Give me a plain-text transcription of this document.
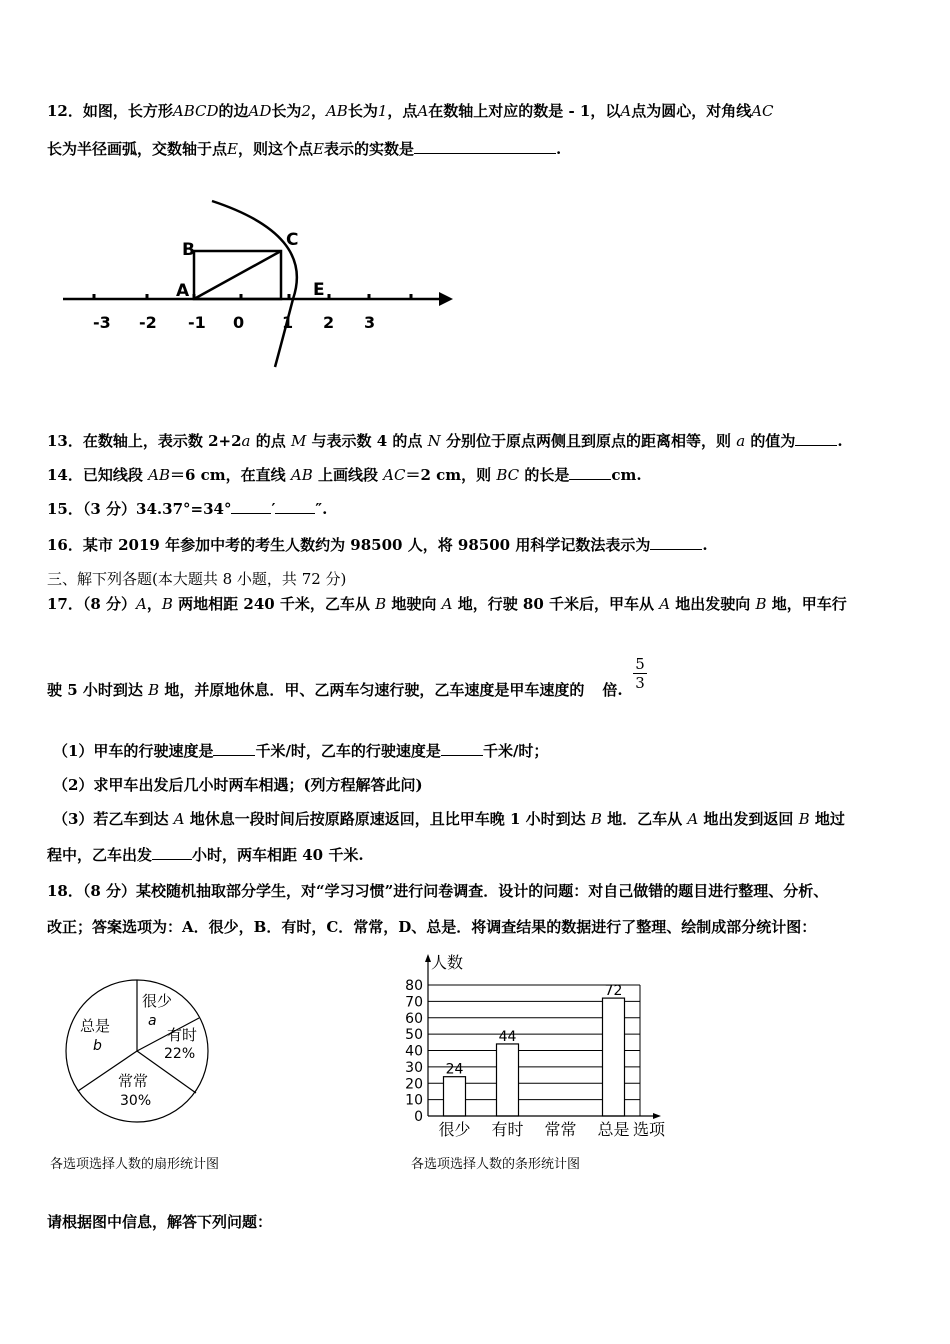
12．如图，长方形ABCD的边AD长为2，AB长为1，点A在数轴上对应的数是 - 1，以A点为圆心，对角线AC
长为半径画弧，交数轴于点E，则这个点E表示的实数是	.
B	C
A	E
-3 -2 -1 0 1 2 3
13．在数轴上，表示数 2+2a 的点 M 与表示数 4 的点 N 分别位于原点两侧且到原点的距离相等，则 a 的值为	.
14．已知线段 AB＝6 cm，在直线 AB 上画线段 AC＝2 cm，则 BC 的长是	cm.
15．（3 分）34.37°=34°	′	″.
16．某市 2019 年参加中考的考生人数约为 98500 人，将 98500 用科学记数法表示为	.
三、解下列各题(本大题共 8 小题，共 72 分)
17．（8 分）A，B 两地相距 240 千米，乙车从 B 地驶向 A 地，行驶 80 千米后，甲车从 A 地出发驶向 B 地，甲车行
$\frac{5}{3}$
驶 5 小时到达 B 地，并原地休息．甲、乙两车匀速行驶，乙车速度是甲车速度的 倍.
（1）甲车的行驶速度是	千米/时，乙车的行驶速度是	千米/时；
（2）求甲车出发后几小时两车相遇；(列方程解答此问)
（3）若乙车到达 A 地休息一段时间后按原路原速返回，且比甲车晚 1 小时到达 B 地．乙车从 A 地出发到返回 B 地过
程中，乙车出发	小时，两车相距 40 千米.
18．（8 分）某校随机抽取部分学生，对“学习习惯”进行问卷调查．设计的问题：对自己做错的题目进行整理、分析、
改正；答案选项为：A．很少，B．有时，C．常常，D、总是．将调查结果的数据进行了整理、绘制成部分统计图：
很少
a
有时
22%
常常
30%
总是
b
各选项选择人数的扇形统计图
0
10
20
30
40
50
60
70
80
24
44
72
很少 有时 常常 总是
人数
选项
各选项选择人数的条形统计图
请根据图中信息，解答下列问题：
